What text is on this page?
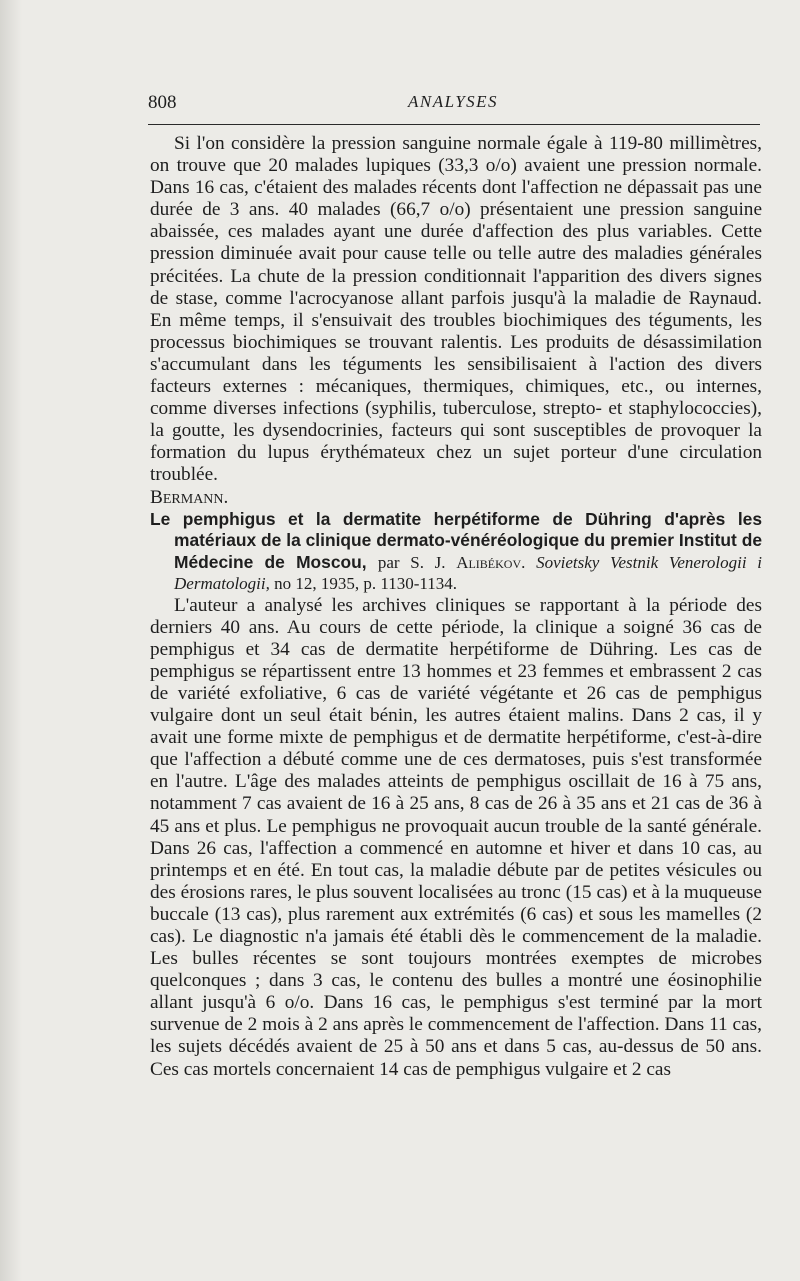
808	ANALYSES

Si l'on considère la pression sanguine normale égale à 119-80 millimètres, on trouve que 20 malades lupiques (33,3 o/o) avaient une pression normale. Dans 16 cas, c'étaient des malades récents dont l'affection ne dépassait pas une durée de 3 ans. 40 malades (66,7 o/o) présentaient une pression sanguine abaissée, ces malades ayant une durée d'affection des plus variables. Cette pression diminuée avait pour cause telle ou telle autre des maladies générales précitées. La chute de la pression conditionnait l'apparition des divers signes de stase, comme l'acrocyanose allant parfois jusqu'à la maladie de Raynaud. En même temps, il s'ensuivait des troubles biochimiques des téguments, les processus biochimiques se trouvant ralentis. Les produits de désassimilation s'accumulant dans les téguments les sensibilisaient à l'action des divers facteurs externes : mécaniques, thermiques, chimiques, etc., ou internes, comme diverses infections (syphilis, tuberculose, strepto- et staphylococcies), la goutte, les dysendocrinies, facteurs qui sont susceptibles de provoquer la formation du lupus érythémateux chez un sujet porteur d'une circulation troublée.

Bermann.

Le pemphigus et la dermatite herpétiforme de Dühring d'après les matériaux de la clinique dermato-vénéréologique du premier Institut de Médecine de Moscou, par S. J. Alibékov. Sovietsky Vestnik Venerologii i Dermatologii, no 12, 1935, p. 1130-1134.

L'auteur a analysé les archives cliniques se rapportant à la période des derniers 40 ans. Au cours de cette période, la clinique a soigné 36 cas de pemphigus et 34 cas de dermatite herpétiforme de Dühring. Les cas de pemphigus se répartissent entre 13 hommes et 23 femmes et embrassent 2 cas de variété exfoliative, 6 cas de variété végétante et 26 cas de pemphigus vulgaire dont un seul était bénin, les autres étaient malins. Dans 2 cas, il y avait une forme mixte de pemphigus et de dermatite herpétiforme, c'est-à-dire que l'affection a débuté comme une de ces dermatoses, puis s'est transformée en l'autre. L'âge des malades atteints de pemphigus oscillait de 16 à 75 ans, notamment 7 cas avaient de 16 à 25 ans, 8 cas de 26 à 35 ans et 21 cas de 36 à 45 ans et plus. Le pemphigus ne provoquait aucun trouble de la santé générale. Dans 26 cas, l'affection a commencé en automne et hiver et dans 10 cas, au printemps et en été. En tout cas, la maladie débute par de petites vésicules ou des érosions rares, le plus souvent localisées au tronc (15 cas) et à la muqueuse buccale (13 cas), plus rarement aux extrémités (6 cas) et sous les mamelles (2 cas). Le diagnostic n'a jamais été établi dès le commencement de la maladie. Les bulles récentes se sont toujours montrées exemptes de microbes quelconques ; dans 3 cas, le contenu des bulles a montré une éosinophilie allant jusqu'à 6 o/o. Dans 16 cas, le pemphigus s'est terminé par la mort survenue de 2 mois à 2 ans après le commencement de l'affection. Dans 11 cas, les sujets décédés avaient de 25 à 50 ans et dans 5 cas, au-dessus de 50 ans. Ces cas mortels concernaient 14 cas de pemphigus vulgaire et 2 cas
